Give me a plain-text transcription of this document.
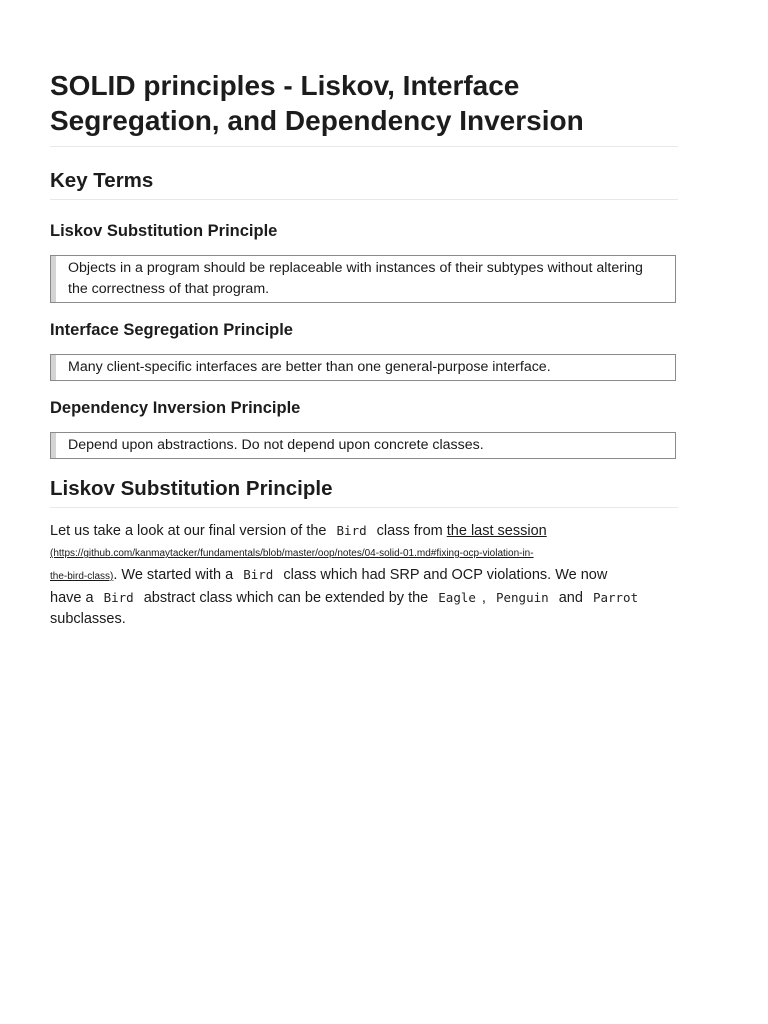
SOLID principles - Liskov, Interface Segregation, and Dependency Inversion
Key Terms
Liskov Substitution Principle

Objects in a program should be replaceable with instances of their subtypes without altering the correctness of that program.

Interface Segregation Principle

Many client-specific interfaces are better than one general-purpose interface.

Dependency Inversion Principle

Depend upon abstractions. Do not depend upon concrete classes.

Liskov Substitution Principle
Let us take a look at our final version of the Bird class from the last session
(https://github.com/kanmaytacker/fundamentals/blob/master/oop/notes/04-solid-01.md#fixing-ocp-violation-in-
the-bird-class). We started with a Bird class which had SRP and OCP violations. We now
have a Bird abstract class which can be extended by the Eagle , Penguin and Parrot
subclasses.
